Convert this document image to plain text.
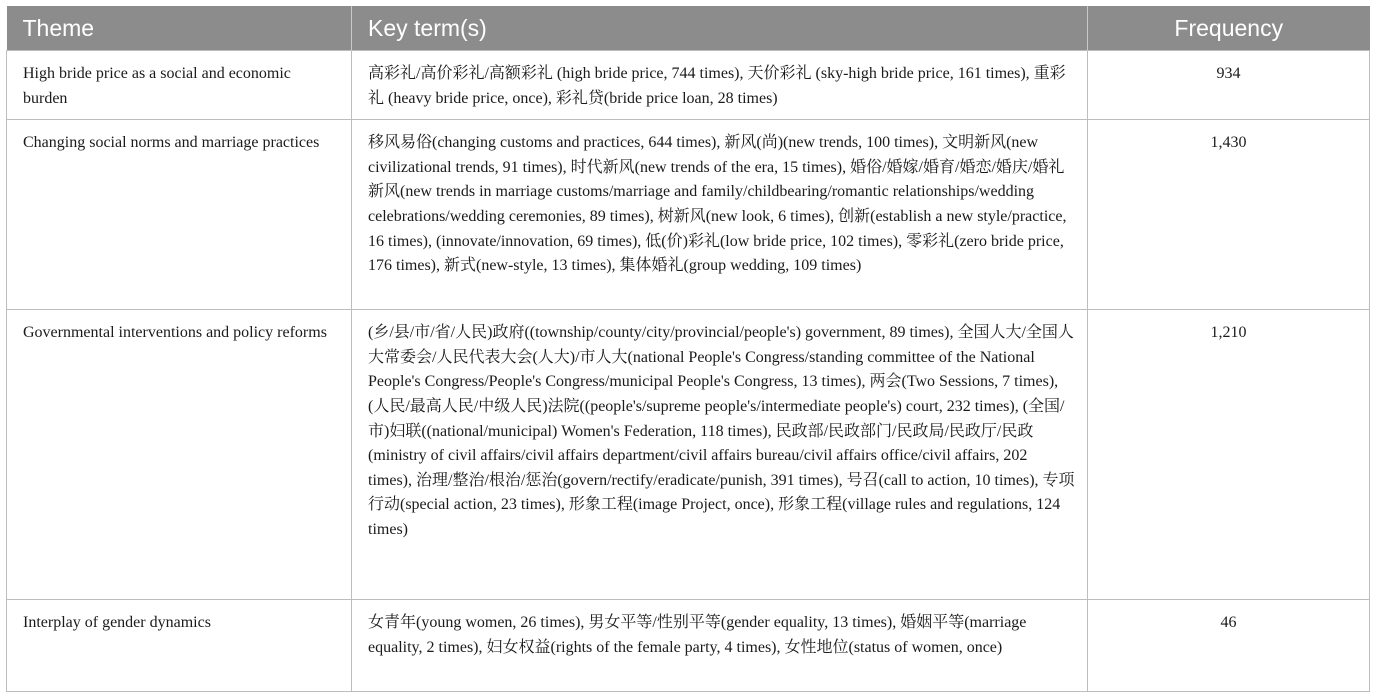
Theme	Key term(s)	Frequency
High bride price as a social and economic burden	高彩礼/高价彩礼/高额彩礼 (high bride price, 744 times), 天价彩礼 (sky-high bride price, 161 times), 重彩礼 (heavy bride price, once), 彩礼贷(bride price loan, 28 times)	934
Changing social norms and marriage practices	移风易俗(changing customs and practices, 644 times), 新风(尚)(new trends, 100 times), 文明新风(new civilizational trends, 91 times), 时代新风(new trends of the era, 15 times), 婚俗/婚嫁/婚育/婚恋/婚庆/婚礼新风(new trends in marriage customs/marriage and family/childbearing/romantic relationships/wedding celebrations/wedding ceremonies, 89 times), 树新风(new look, 6 times), 创新(establish a new style/practice, 16 times), (innovate/innovation, 69 times), 低(价)彩礼(low bride price, 102 times), 零彩礼(zero bride price, 176 times), 新式(new-style, 13 times), 集体婚礼(group wedding, 109 times)	1,430
Governmental interventions and policy reforms	(乡/县/市/省/人民)政府((township/county/city/provincial/people's) government, 89 times), 全国人大/全国人大常委会/人民代表大会(人大)/市人大(national People's Congress/standing committee of the National People's Congress/People's Congress/municipal People's Congress, 13 times), 两会(Two Sessions, 7 times), (人民/最高人民/中级人民)法院((people's/supreme people's/intermediate people's) court, 232 times), (全国/市)妇联((national/municipal) Women's Federation, 118 times), 民政部/民政部门/民政局/民政厅/民政(ministry of civil affairs/civil affairs department/civil affairs bureau/civil affairs office/civil affairs, 202 times), 治理/整治/根治/惩治(govern/rectify/eradicate/punish, 391 times), 号召(call to action, 10 times), 专项行动(special action, 23 times), 形象工程(image Project, once), 形象工程(village rules and regulations, 124 times)	1,210
Interplay of gender dynamics	女青年(young women, 26 times), 男女平等/性别平等(gender equality, 13 times), 婚姻平等(marriage equality, 2 times), 妇女权益(rights of the female party, 4 times), 女性地位(status of women, once)	46
